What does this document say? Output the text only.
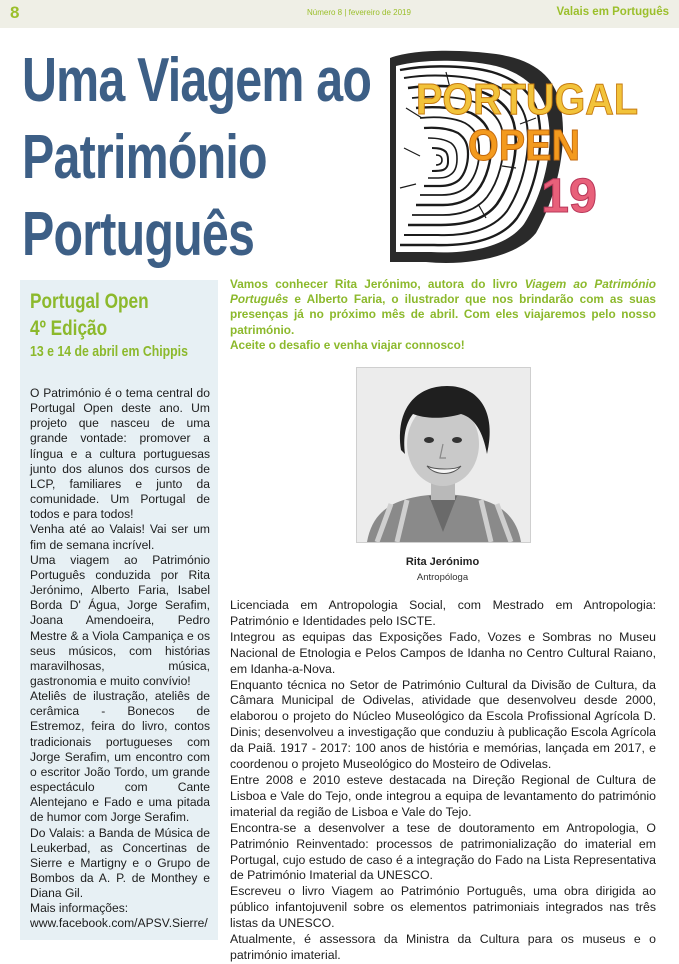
8	Número 8 | fevereiro de 2019	Valais em Português
Uma Viagem ao
Património
Português
PORTUGAL
OPEN
19
Portugal Open
4º Edição
13 e 14 de abril em Chippis

O Património é o tema central do Portugal Open deste ano. Um projeto que nasceu de uma grande vontade: promover a língua e a cultura portuguesas junto dos alunos dos cursos de LCP, familiares e junto da comunidade. Um Portugal de todos e para todos!

Venha até ao Valais! Vai ser um fim de semana incrível.

Uma viagem ao Património Português conduzida por Rita Jerónimo, Alberto Faria, Isabel Borda D' Água, Jorge Serafim, Joana Amendoeira, Pedro Mestre & a Viola Campaniça e os seus músicos, com histórias maravilhosas, música, gastronomia e muito convívio!

Ateliês de ilustração, ateliês de cerâmica - Bonecos de Estremoz, feira do livro, contos tradicionais portugueses com Jorge Serafim, um encontro com o escritor João Tordo, um grande espectáculo com Cante Alentejano e Fado e uma pitada de humor com Jorge Serafim.

Do Valais: a Banda de Música de Leukerbad, as Concertinas de Sierre e Martigny e o Grupo de Bombos da A. P. de Monthey e Diana Gil.

Mais informações:

www.facebook.com/APSV.Sierre/

Vamos conhecer Rita Jerónimo, autora do livro Viagem ao Património Português e Alberto Faria, o ilustrador que nos brindarão com as suas presenças já no próximo mês de abril. Com eles viajaremos pelo nosso património.
Aceite o desafio e venha viajar connosco!
Rita Jerónimo
Antropóloga

Licenciada em Antropologia Social, com Mestrado em Antropologia: Património e Identidades pelo ISCTE.

Integrou as equipas das Exposições Fado, Vozes e Sombras no Museu Nacional de Etnologia e Pelos Campos de Idanha no Centro Cultural Raiano, em Idanha-a-Nova.

Enquanto técnica no Setor de Património Cultural da Divisão de Cultura, da Câmara Municipal de Odivelas, atividade que desenvolveu desde 2000, elaborou o projeto do Núcleo Museológico da Escola Profissional Agrícola D. Dinis; desenvolveu a investigação que conduziu à publicação Escola Agrícola da Paiã. 1917 - 2017: 100 anos de história e memórias, lançada em 2017, e coordenou o projeto Museológico do Mosteiro de Odivelas.

Entre 2008 e 2010 esteve destacada na Direção Regional de Cultura de Lisboa e Vale do Tejo, onde integrou a equipa de levantamento do património imaterial da região de Lisboa e Vale do Tejo.

Encontra-se a desenvolver a tese de doutoramento em Antropologia, O Património Reinventado: processos de patrimonialização do imaterial em Portugal, cujo estudo de caso é a integração do Fado na Lista Representativa de Património Imaterial da UNESCO.

Escreveu o livro Viagem ao Património Português, uma obra dirigida ao público infantojuvenil sobre os elementos patrimoniais integrados nas três listas da UNESCO.

Atualmente, é assessora da Ministra da Cultura para os museus e o património imaterial.
